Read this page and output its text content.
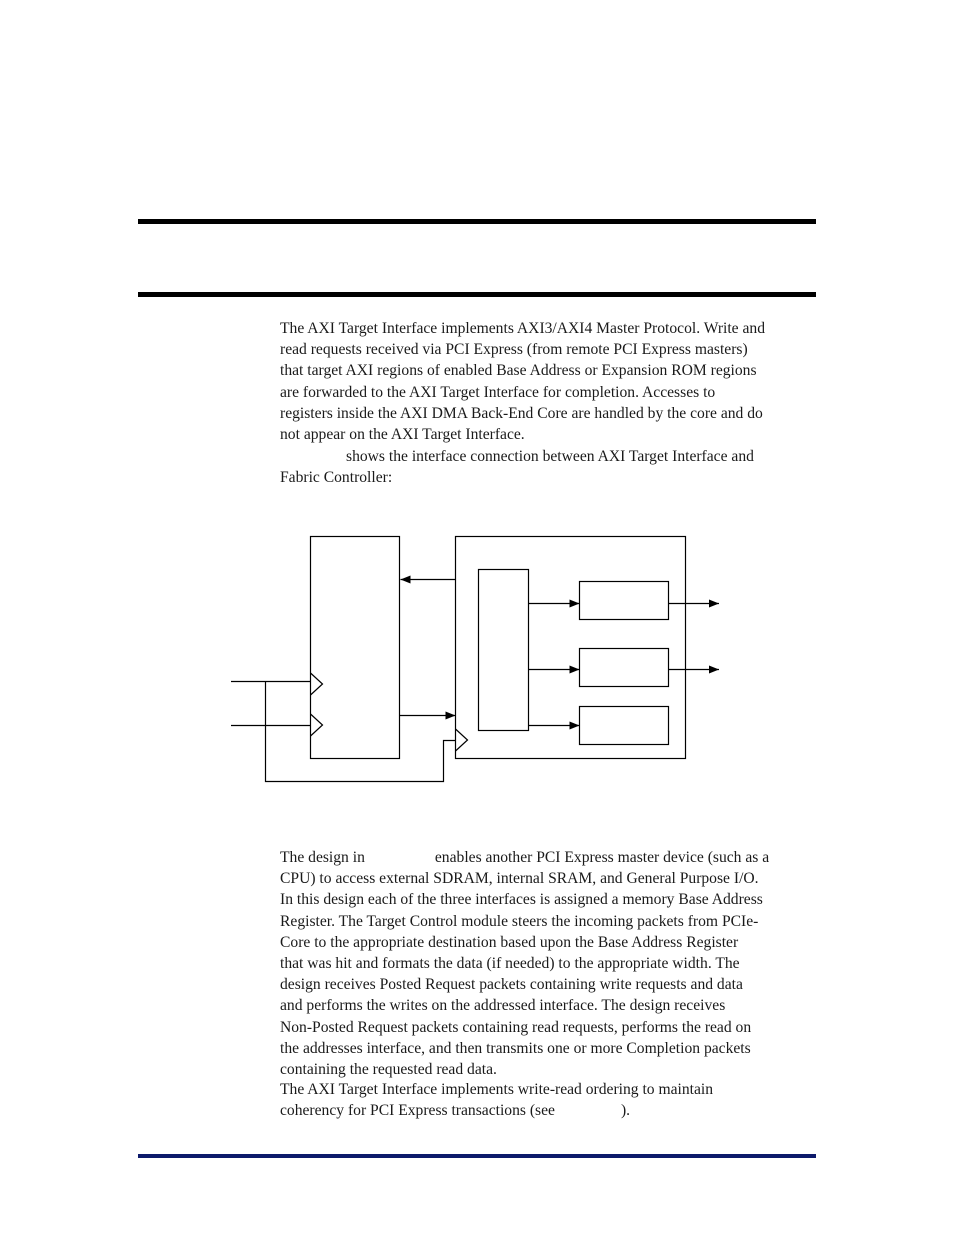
The AXI Target Interface implements AXI3/AXI4 Master Protocol. Write and
read requests received via PCI Express (from remote PCI Express masters)
that target AXI regions of enabled Base Address or Expansion ROM regions
are forwarded to the AXI Target Interface for completion. Accesses to
registers inside the AXI DMA Back-End Core are handled by the core and do
not appear on the AXI Target Interface.

shows the interface connection between AXI Target Interface and
Fabric Controller:

The design in	enables another PCI Express master device (such as a
CPU) to access external SDRAM, internal SRAM, and General Purpose I/O.
In this design each of the three interfaces is assigned a memory Base Address
Register. The Target Control module steers the incoming packets from PCIe-
Core to the appropriate destination based upon the Base Address Register
that was hit and formats the data (if needed) to the appropriate width. The
design receives Posted Request packets containing write requests and data
and performs the writes on the addressed interface. The design receives
Non-Posted Request packets containing read requests, performs the read on
the addresses interface, and then transmits one or more Completion packets
containing the requested read data.

The AXI Target Interface implements write-read ordering to maintain
coherency for PCI Express transactions (see	).
